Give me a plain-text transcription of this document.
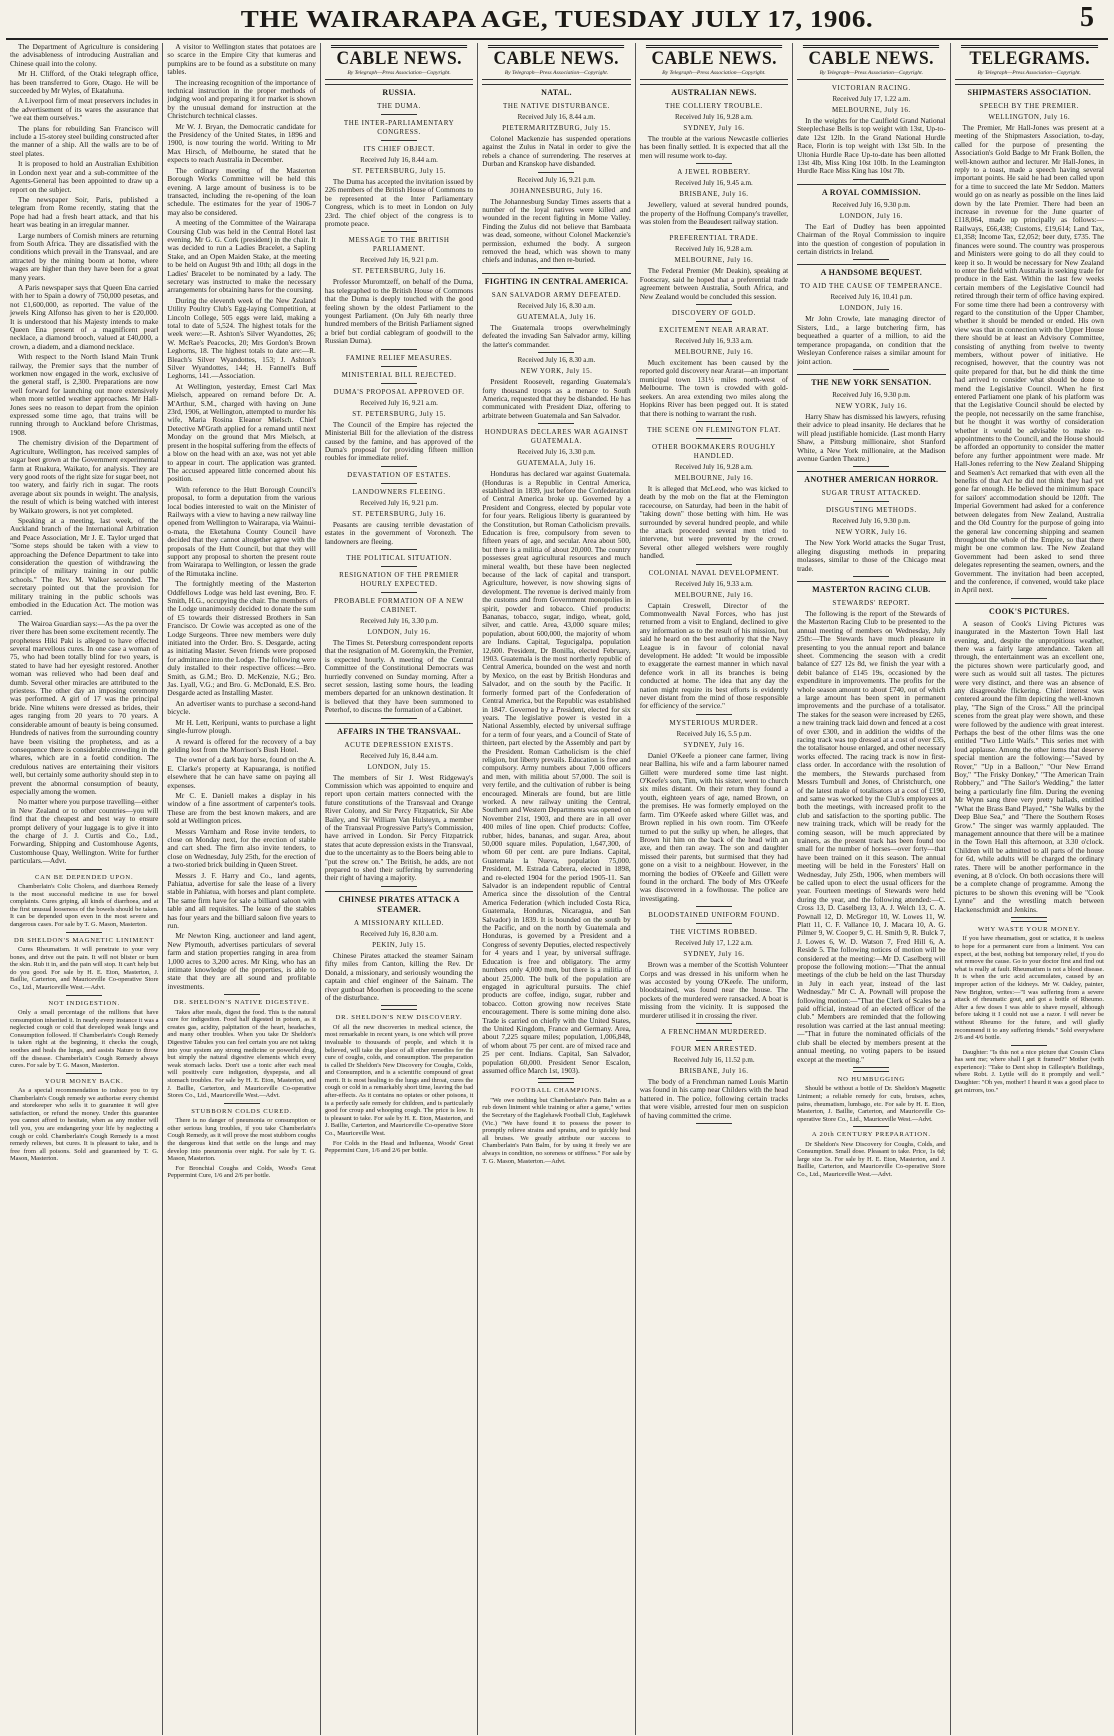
THE WAIRARAPA AGE, TUESDAY JULY 17, 1906.	5

The Department of Agriculture is considering the advisableness of introducing Australian and Chinese quail into the colony.

Mr H. Clifford, of the Otaki telegraph office, has been transferred to Gore, Otago. He will be succeeded by Mr Wyles, of Ekatahuna.

A Liverpool firm of meat preservers includes in the advertisement of its wares the assurance that "we eat them ourselves."

The plans for rebuilding San Francisco will include a 15-storey steel building constructed after the manner of a ship. All the walls are to be of steel plates.

It is proposed to hold an Australian Exhibition in London next year and a sub-committee of the Agents-General has been appointed to draw up a report on the subject.

The newspaper Soir, Paris, published a telegram from Rome recently, stating that the Pope had had a fresh heart attack, and that his heart was beating in an irregular manner.

Large numbers of Cornish miners are returning from South Africa. They are dissatisfied with the conditions which prevail in the Transvaal, and are attracted by the mining boom at home, where wages are higher than they have been for a great many years.

A Paris newspaper says that Queen Ena carried with her to Spain a dowry of 750,000 pesetas, and not £1,600,000, as reported. The value of the jewels King Alfonso has given to her is £20,000. It is understood that his Majesty intends to make Queen Ena present of a magnificent pearl necklace, a diamond brooch, valued at £40,000, a crown, a diadem, and a diamond necklace.

With respect to the North Island Main Trunk railway, the Premier says that the number of workmen now engaged in the work, exclusive of the general staff, is 2,300. Preparations are now well forward for launching out more extensively when more settled weather approaches. Mr Hall-Jones sees no reason to depart from the opinion expressed some time ago, that trains will be running through to Auckland before Christmas, 1908.

The chemistry division of the Department of Agriculture, Wellington, has received samples of sugar beet grown at the Government experimental farm at Ruakura, Waikato, for analysis. They are very good roots of the right size for sugar beet, not too watery, and fairly rich in sugar. The roots average about six pounds in weight. The analysis, the result of which is being watched with interest by Waikato growers, is not yet completed.

Speaking at a meeting, last week, of the Auckland branch of the International Arbitration and Peace Association, Mr J. E. Taylor urged that "Some steps should be taken with a view to approaching the Defence Department to take into consideration the question of withdrawing the principle of military training in our public schools." The Rev. M. Walker seconded. The secretary pointed out that the provision for military training in the public schools was embodied in the Education Act. The motion was carried.

The Wairoa Guardian says:—As the pa over the river there has been some excitement recently. The prophetess Hiki Paki is alleged to have effected several marvellous cures. In one case a woman of 75, who had been totally blind for two years, is stated to have had her eyesight restored. Another woman was relieved who had been deaf and dumb. Several other miracles are attributed to the priestess. The other day an imposing ceremony was performed. A girl of 17 was the principal bride. Nine whitens were dressed as brides, their ages ranging from 20 years to 70 years. A considerable amount of beauty is being consumed. Hundreds of natives from the surrounding country have been visiting the prophetess, and as a consequence there is considerable crowding in the whares, which are in a foetid condition. The credulous natives are entertaining their visitors well, but certainly some authority should step in to prevent the abnormal consumption of beauty, especially among the women.

No matter where you purpose travelling—either in New Zealand or to other countries—you will find that the cheapest and best way to ensure prompt delivery of your luggage is to give it into the charge of J. J. Curtis and Co., Ltd., Forwarding, Shipping and Customhouse Agents, Customhouse Quay, Wellington. Write for further particulars.—Advt.

CAN BE DEPENDED UPON.

Chamberlain's Colic Cholera, and diarrhoea Remedy is the most successful medicine in use for bowel complaints. Cures griping, all kinds of diarrhoea, and at the first unusual looseness of the bowels should be taken. It can be depended upon even in the most severe and dangerous cases. For sale by T. G. Mason, Masterton.

DR SHELDON'S MAGNETIC LINIMENT

Cures Rheumatism. It will penetrate to your very bones, and drive out the pain. It will not blister or burn the skin. Rub it in, and the pain will stop. It can't help but do you good. For sale by H. E. Eton, Masterton, J. Baillie, Carterton, and Mauriceville Co-operative Store Co., Ltd., Mauriceville West.—Advt.

NOT INDIGESTION.

Only a small percentage of the millions that have consumption inherited it. In nearly every instance it was a neglected cough or cold that developed weak lungs and Consumption followed. If Chamberlain's Cough Remedy is taken right at the beginning, it checks the cough, soothes and heals the lungs, and assists Nature to throw off the disease. Chamberlain's Cough Remedy always cures. For sale by T. G. Mason, Masterton.

YOUR MONEY BACK.

As a special recommendation to induce you to try Chamberlain's Cough remedy we authorise every chemist and storekeeper who sells it to guarantee it will give satisfaction, or refund the money. Under this guarantee you cannot afford to hesitate, when as any mother will tell you, you are endangering your life by neglecting a cough or cold. Chamberlain's Cough Remedy is a most remedy relieves, but cures. It is pleasant to take, and is free from all poisons. Sold and guaranteed by T. G. Mason, Masterton.

A visitor to Wellington states that potatoes are so scarce in the Empire City that kumeras and pumpkins are to be found as a substitute on many tables.

The increasing recognition of the importance of technical instruction in the proper methods of judging wool and preparing it for market is shown by the unusual demand for instruction at the Christchurch technical classes.

Mr W. J. Bryan, the Democratic candidate for the Presidency of the United States, in 1896 and 1900, is now touring the world. Writing to Mr Max Hirsch, of Melbourne, he stated that he expects to reach Australia in December.

The ordinary meeting of the Masterton Borough Works Committee will be held this evening. A large amount of business is to be transacted, including the re-opening of the loan schedule. The estimates for the year of 1906-7 may also be considered.

A meeting of the Committee of the Wairarapa Coursing Club was held in the Central Hotel last evening. Mr G. G. Cork (president) in the chair. It was decided to run a Ladies Bracelet, a Sapling Stake, and an Open Maiden Stake, at the meeting to be held on August 9th and 10th; all dogs in the Ladies' Bracelet to be nominated by a lady. The secretary was instructed to make the necessary arrangements for obtaining hares for the coursing.

During the eleventh week of the New Zealand Utility Poultry Club's Egg-laying Competition, at Lincoln College, 505 eggs were laid, making a total to date of 5,524. The highest totals for the week were:—R. Ashton's Silver Wyandottes, 26; W. McRae's Peacocks, 20; Mrs Gordon's Brown Leghorns, 18. The highest totals to date are:—R. Bleach's Silver Wyandottes, 153; J. Ashton's Silver Wyandottes, 144; H. Fannell's Buff Leghorns, 141.—Association.

At Wellington, yesterday, Ernest Carl Max Mielsch, appeared on remand before Dr. A. M'Arthur, S.M., charged with having on June 23rd, 1906, at Wellington, attempted to murder his wife, Maria Rosina Eleanor Mielsch. Chief Detective M'Grath applied for a remand until next Monday on the ground that Mrs Mielsch, at present in the hospital suffering from the effects of a blow on the head with an axe, was not yet able to appear in court. The application was granted. The accused appeared little concerned about his position.

With reference to the Hutt Borough Council's proposal, to form a deputation from the various local bodies interested to wait on the Minister of Railways with a view to having a new railway line opened from Wellington to Wairarapa, via Wainui-o-mata, the Eketahuna County Council have decided that they cannot altogether agree with the proposals of the Hutt Council, but that they will support any proposal to shorten the present route from Wairarapa to Wellington, or lessen the grade of the Rimutaka incline.

The fortnightly meeting of the Masterton Oddfellows Lodge was held last evening, Bro. F. Smith, H.G., occupying the chair. The members of the Lodge unanimously decided to donate the sum of £5 towards their distressed Brothers in San Francisco. Dr Cowie was accepted as one of the Lodge Surgeons. Three new members were duly initiated into the Order. Bro. S. Desgarde, acting as initiating Master. Seven friends were proposed for admittance into the Lodge. The following were duly installed to their respective offices:—Bro. Smith, as G.M.; Bro. D. McKenzie, N.G.; Bro. Jas. Lyall, V.G.; and Bro. G. McDonald, E.S. Bro. Desgarde acted as Installing Master.

An advertiser wants to purchase a second-hand bicycle.

Mr H. Lett, Keripuni, wants to purchase a light single-furrow plough.

A reward is offered for the recovery of a bay gelding lost from the Morrison's Bush Hotel.

The owner of a dark bay horse, found on the A. E. Clarke's property at Kapuaranga, is notified elsewhere that he can have same on paying all expenses.

Mr C. E. Daniell makes a display in his window of a fine assortment of carpenter's tools. These are from the best known makers, and are sold at Wellington prices.

Messrs Varnham and Rose invite tenders, to close on Monday next, for the erection of stable and cart shed. The firm also invite tenders, to close on Wednesday, July 25th, for the erection of a two-storied brick building in Queen Street.

Messrs J. F. Harry and Co., land agents, Pahiatua, advertise for sale the lease of a livery stable in Pahiatua, with horses and plant complete. The same firm have for sale a billiard saloon with table and all requisites. The lease of the stables has four years and the billiard saloon five years to run.

Mr Newton King, auctioneer and land agent, New Plymouth, advertises particulars of several farm and station properties ranging in area from 1,000 acres to 3,200 acres. Mr King, who has an intimate knowledge of the properties, is able to state that they are all sound and profitable investments.

DR. SHELDON'S NATIVE DIGESTIVE.

Takes after meals, digest the food. This is the natural cure for indigestion. Food half digested in poison, as it creates gas, acidity, palpitation of the heart, headaches, and many other troubles. When you take Dr Sheldon's Digestive Tabules you can feel certain you are not taking into your system any strong medicine or powerful drug, but simply the natural digestive elements which every weak stomach lacks. Don't use a tonic after each meal will positively cure indigestion, dyspepsia, and all stomach troubles. For sale by H. E. Eton, Masterton, and J. Baillie, Carterton, and Mauriceville Co-operative Stores Co., Ltd., Mauriceville West.—Advt.

STUBBORN COLDS CURED.

There is no danger of pneumonia or consumption or other serious lung troubles, if you take Chamberlain's Cough Remedy, as it will prove the most stubborn coughs the dangerous kind that settle on the lungs and may develop into pneumonia over night. For sale by T. G. Mason, Masterton.

For Bronchial Coughs and Colds, Wood's Great Peppermint Cure, 1/6 and 2/6 per bottle.

CABLE NEWS.
By Telegraph—Press Association—Copyright.
RUSSIA.
THE DUMA.
THE INTER-PARLIAMENTARY CONGRESS.
ITS CHIEF OBJECT.
Received July 16, 8.44 a.m.
ST. PETERSBURG, July 15.

The Duma has accepted the invitation issued by 226 members of the British House of Commons to be represented at the Inter Parliamentary Congress, which is to meet in London on July 23rd. The chief object of the congress is to promote peace.

MESSAGE TO THE BRITISH PARLIAMENT.
Received July 16, 9.21 p.m.
ST. PETERSBURG, July 16.

Professor Muromtzeff, on behalf of the Duma, has telegraphed to the British House of Commons that the Duma is deeply touched with the good feeling shown by the oldest Parliament to the youngest Parliament. (On July 6th nearly three hundred members of the British Parliament signed a brief but cordial cablegram of goodwill to the Russian Duma).

FAMINE RELIEF MEASURES.
MINISTERIAL BILL REJECTED.
DUMA'S PROPOSAL APPROVED OF.
Received July 16, 9.21 a.m.
ST. PETERSBURG, July 15.

The Council of the Empire has rejected the Ministerial Bill for the alleviation of the distress caused by the famine, and has approved of the Duma's proposal for providing fifteen million roubles for immediate relief.

DEVASTATION OF ESTATES.
LANDOWNERS FLEEING.
Received July 16, 9.21 p.m.
ST. PETERSBURG, July 16.

Peasants are causing terrible devastation of estates in the government of Voronezh. The landowners are fleeing.

THE POLITICAL SITUATION.
RESIGNATION OF THE PREMIER HOURLY EXPECTED.
PROBABLE FORMATION OF A NEW CABINET.
Received July 16, 3.30 p.m.
LONDON, July 16.

The Times St. Petersburg correspondent reports that the resignation of M. Goremykin, the Premier, is expected hourly. A meeting of the Central Committee of the Constitutional Democrats was hurriedly convened on Sunday morning. After a secret session, lasting some hours, the leading members departed for an unknown destination. It is believed that they have been summoned to Peterhof, to discuss the formation of a Cabinet.

AFFAIRS IN THE TRANSVAAL.
ACUTE DEPRESSION EXISTS.
Received July 16, 8.44 a.m.
LONDON, July 15.

The members of Sir J. West Ridgeway's Commission which was appointed to enquire and report upon certain matters connected with the future constitutions of the Transvaal and Orange River Colony, and Sir Percy Fitzpatrick, Sir Abe Bailey, and Sir William Van Hulsteyn, a member of the Transvaal Progressive Party's Commission, have arrived in London. Sir Percy Fitzpatrick states that acute depression exists in the Transvaal, due to the uncertainty as to the Boers being able to "put the screw on." The British, he adds, are not prepared to shed their suffering by surrendering their right of having a majority.

CHINESE PIRATES ATTACK A STEAMER.
A MISSIONARY KILLED.
Received July 16, 8.30 a.m.
PEKIN, July 15.

Chinese Pirates attacked the steamer Sainam fifty miles from Canton, killing the Rev. Dr Donald, a missionary, and seriously wounding the captain and chief engineer of the Sainam. The river gunboat Moorhen is proceeding to the scene of the disturbance.

DR. SHELDON'S NEW DISCOVERY.

Of all the new discoveries in medical science, the most remarkable in recent years, is one which will prove invaluable to thousands of people, and which it is believed, will take the place of all other remedies for the cure of coughs, colds, and consumption. The preparation is called Dr Sheldon's New Discovery for Coughs, Colds, and Consumption, and is a scientific compound of great merit. It is most healing to the lungs and throat, cures the cough or cold in a remarkably short time, leaving the bad after-effects. As it contains no opiates or other poisons, it is a perfectly safe remedy for children, and is particularly good for croup and whooping cough. The price is low. It is pleasant to take. For sale by H. E. Eton, Masterton, and J. Baillie, Carterton, and Mauriceville Co-operative Store Co., Mauriceville West.

For Colds in the Head and Influenza, Woods' Great Peppermint Cure, 1/6 and 2/6 per bottle.

CABLE NEWS.
By Telegraph—Press Association—Copyright.
NATAL.
THE NATIVE DISTURBANCE.
Received July 16, 8.44 a.m.
PIETERMARITZBURG, July 15.

Colonel Mackenzie has suspended operations against the Zulus in Natal in order to give the rebels a chance of surrendering. The reserves at Durban and Kranskop have disbanded.

Received July 16, 9.21 p.m.
JOHANNESBURG, July 16.

The Johannesburg Sunday Times asserts that a number of the loyal natives were killed and wounded in the recent fighting in Mome Valley. Finding the Zulus did not believe that Bambaata was dead, someone, without Colonel Mackenzie's permission, exhumed the body. A surgeon removed the head, which was shown to many chiefs and indunas, and then re-buried.

FIGHTING IN CENTRAL AMERICA.
SAN SALVADOR ARMY DEFEATED.
Received July 16, 8.30 a.m.
GUATEMALA, July 16.

The Guatemala troops overwhelmingly defeated the invading San Salvador army, killing the latter's commander.

Received July 16, 8.30 a.m.
NEW YORK, July 15.

President Roosevelt, regarding Guatemala's forty thousand troops as a menace to South America, requested that they be disbanded. He has communicated with President Diaz, offering to arbitrate between Guatemala and San Salvador.

HONDURAS DECLARES WAR AGAINST GUATEMALA.
Received July 16, 3.30 p.m.
GUATEMALA, July 16.

Honduras has declared war against Guatemala. (Honduras is a Republic in Central America, established in 1839, just before the Confederation of Central America broke up. Governed by a President and Congress, elected by popular vote for four years. Religious liberty is guaranteed by the Constitution, but Roman Catholicism prevails. Education is free, compulsory from seven to fifteen years of age, and secular. Area about 500, but there is a militia of about 20,000. The country possesses great agricultural resources and much mineral wealth, but these have been neglected because of the lack of capital and transport. Agriculture, however, is now showing signs of development. The revenue is derived mainly from the customs and from Government monopolies in spirit, powder and tobacco. Chief products: Bananas, tobacco, sugar, indigo, wheat, gold, silver, and cattle. Area, 43,000 square miles; population, about 600,000, the majority of whom are Indians. Capital, Tegucigalpa, population 12,600. President, Dr Bonilla, elected February, 1903. Guatemala is the most northerly republic of Central America, bounded on the west and north by Mexico, on the east by British Honduras and Salvador, and on the south by the Pacific. It formerly formed part of the Confederation of Central America, but the Republic was established in 1847. Governed by a President, elected for six years. The legislative power is vested in a National Assembly, elected by universal suffrage for a term of four years, and a Council of State of thirteen, part elected by the Assembly and part by the President. Roman Catholicism is the chief religion, but liberty prevails. Education is free and compulsory. Army numbers about 7,000 officers and men, with militia about 57,000. The soil is very fertile, and the cultivation of rubber is being encouraged. Minerals are found, but are little worked. A new railway uniting the Central, Southern and Western Departments was opened on November 21st, 1903, and there are in all over 400 miles of line open. Chief products: Coffee, rubber, hides, bananas, and sugar. Area, about 50,000 square miles. Population, 1,647,300, of whom 60 per cent. are pure Indians. Capital, Guatemala la Nueva, population 75,000. President, M. Estrada Cabrera, elected in 1898, and re-elected 1904 for the period 1905-11. San Salvador is an independent republic of Central America since the dissolution of the Central America Federation (which included Costa Rica, Guatemala, Honduras, Nicaragua, and San Salvador) in 1839. It is bounded on the south by the Pacific, and on the north by Guatemala and Honduras, is governed by a President and a Congress of seventy Deputies, elected respectively for 4 years and 1 year, by universal suffrage. Education is free and obligatory. The army numbers only 4,000 men, but there is a militia of about 25,000. The bulk of the population are engaged in agricultural pursuits. The chief products are coffee, indigo, sugar, rubber and tobacco. Cotton growing now receives State encouragement. There is some mining done also. Trade is carried on chiefly with the United States, the United Kingdom, France and Germany. Area, about 7,225 square miles; population, 1,006,848, of whom about 75 per cent. are of mixed race and 25 per cent. Indians. Capital, San Salvador, population 60,000. President Senor Escalon, assumed office March 1st, 1903).

FOOTBALL CHAMPIONS.

"We owe nothing but Chamberlain's Pain Balm as a rub down liniment while training or after a game," writes the Secretary of the Eaglehawk Football Club, Eaglehawk (Vic.) "We have found it to possess the power to promptly relieve strains and sprains, and to quickly heal all bruises. We greatly attribute our success to Chamberlain's Pain Balm, for by using it freely we are always in condition, no soreness or stiffness." For sale by T. G. Mason, Masterton.—Advt.

CABLE NEWS.
By Telegraph—Press Association—Copyright.
AUSTRALIAN NEWS.
THE COLLIERY TROUBLE.
Received July 16, 9.28 a.m.
SYDNEY, July 16.

The trouble at the various Newcastle collieries has been finally settled. It is expected that all the men will resume work to-day.

A JEWEL ROBBERY.
Received July 16, 9.45 a.m.
BRISBANE, July 16.

Jewellery, valued at several hundred pounds, the property of the Hoffnung Company's traveller, was stolen from the Beaudesert railway station.

PREFERENTIAL TRADE.
Received July 16, 9.28 a.m.
MELBOURNE, July 16.

The Federal Premier (Mr Deakin), speaking at Footscray, said he hoped that a preferential trade agreement between Australia, South Africa, and New Zealand would be concluded this session.

DISCOVERY OF GOLD.
EXCITEMENT NEAR ARARAT.
Received July 16, 9.33 a.m.
MELBOURNE, July 16.

Much excitement has been caused by the reported gold discovery near Ararat—an important municipal town 131½ miles north-west of Melbourne. The town is crowded with gold-seekers. An area extending two miles along the Hopkins River has been pegged out. It is stated that there is nothing to warrant the rush.

THE SCENE ON FLEMINGTON FLAT.
OTHER BOOKMAKERS ROUGHLY HANDLED.
Received July 16, 9.28 a.m.
MELBOURNE, July 16.

It is alleged that McLeod, who was kicked to death by the mob on the flat at the Flemington racecourse, on Saturday, had been in the habit of "taking down" those betting with him. He was surrounded by several hundred people, and while the attack proceeded several men tried to intervene, but were prevented by the crowd. Several other alleged welshers were roughly handled.

COLONIAL NAVAL DEVELOPMENT.
Received July 16, 9.33 a.m.
MELBOURNE, July 16.

Captain Creswell, Director of the Commonwealth Naval Forces, who has just returned from a visit to England, declined to give any information as to the result of his mission, but said he heard on the best authority that the Navy League is in favour of colonial naval development. He added: "It would be impossible to exaggerate the earnest manner in which naval defence work in all its branches is being conducted at home. The idea that any day the nation might require its best efforts is evidently never distant from the mind of those responsible for efficiency of the service."

MYSTERIOUS MURDER.
Received July 16, 5.5 p.m.
SYDNEY, July 16.

Daniel O'Keefe a pioneer cane farmer, living near Ballina, his wife and a farm labourer named Gillett were murdered some time last night. O'Keefe's son, Tim, with his sister, went to church six miles distant. On their return they found a youth, eighteen years of age, named Brown, on the premises. He was formerly employed on the farm. Tim O'Keefe asked where Gillet was, and Brown replied in his own room. Tim O'Keefe turned to put the sulky up when, he alleges, that Brown hit him on the back of the head with an axe, and then ran away. The son and daughter missed their parents, but surmised that they had gone on a visit to a neighbour. However, in the morning the bodies of O'Keefe and Gillett were found in the orchard. The body of Mrs O'Keefe was discovered in a fowlhouse. The police are investigating.

BLOODSTAINED UNIFORM FOUND.
THE VICTIMS ROBBED.
Received July 17, 1.22 a.m.
SYDNEY, July 16.

Brown was a member of the Scottish Volunteer Corps and was dressed in his uniform when he was accosted by young O'Keefe. The uniform, bloodstained, was found near the house. The pockets of the murdered were ransacked. A boat is missing from the vicinity. It is supposed the murderer utilised it in crossing the river.

A FRENCHMAN MURDERED.
FOUR MEN ARRESTED.
Received July 16, 11.52 p.m.
BRISBANE, July 16.

The body of a Frenchman named Louis Martin was found in his camp near Childers with the head battered in. The police, following certain tracks that were visible, arrested four men on suspicion of having committed the crime.

CABLE NEWS.
By Telegraph—Press Association—Copyright.
VICTORIAN RACING.
Received July 17, 1.22 a.m.
MELBOURNE, July 16.

In the weights for the Caulfield Grand National Steeplechase Bells is top weight with 13st, Up-to-date 12st 12lb. In the Grand National Hurdle Race, Florin is top weight with 13st 5lb. In the Ultonia Hurdle Race Up-to-date has been allotted 13st 4lb, Miss King 10st 10lb. In the Leamington Hurdle Race Miss King has 10st 7lb.

A ROYAL COMMISSION.
Received July 16, 9.30 p.m.
LONDON, July 16.

The Earl of Dudley has been appointed Chairman of the Royal Commission to inquire into the question of congestion of population in certain districts in Ireland.

A HANDSOME BEQUEST.
TO AID THE CAUSE OF TEMPERANCE.
Received July 16, 10.41 p.m.
LONDON, July 16.

Mr John Crowle, late managing director of Sisters, Ltd., a large butchering firm, has bequeathed a quarter of a million, to aid the temperance propaganda, on condition that the Wesleyan Conference raises a similar amount for joint action.

THE NEW YORK SENSATION.
Received July 16, 9.30 p.m.
NEW YORK, July 16.

Harry Shaw has dismissed his lawyers, refusing their advice to plead insanity. He declares that he will plead justifiable homicide. (Last month Harry Shaw, a Pittsburg millionaire, shot Stanford White, a New York millionaire, at the Madison avenue Garden Theatre.)

ANOTHER AMERICAN HORROR.
SUGAR TRUST ATTACKED.
DISGUSTING METHODS.
Received July 16, 9.30 p.m.
NEW YORK, July 16.

The New York World attacks the Sugar Trust, alleging disgusting methods in preparing molasses, similar to those of the Chicago meat trade.

MASTERTON RACING CLUB.
STEWARDS' REPORT.

The following is the report of the Stewards of the Masterton Racing Club to be presented to the annual meeting of members on Wednesday, July 25th:—The Stewards have much pleasure in presenting to you the annual report and balance sheet. Commencing the season with a credit balance of £27 12s 8d, we finish the year with a debit balance of £145 19s, occasioned by the expenditure in improvements. The profits for the whole season amount to about £740, out of which a large amount has been spent in permanent improvements and the purchase of a totalisator. The stakes for the season were increased by £265, a new training track laid down and fenced at a cost of over £300, and in addition the widths of the racing track was top dressed at a cost of over £35, the totalisator house enlarged, and other necessary works effected. The racing track is now in first-class order. In accordance with the resolution of the members, the Stewards purchased from Messrs Turnbull and Jones, of Christchurch, one of the latest make of totalisators at a cost of £190, and same was worked by the Club's employees at both the meetings, with increased profit to the club and satisfaction to the sporting public. The new training track, which will be ready for the coming season, will be much appreciated by trainers, as the present track has been found too small for the number of horses—over forty—that have been trained on it this season. The annual meeting will be held in the Foresters' Hall on Wednesday, July 25th, 1906, when members will be called upon to elect the usual officers for the year. Fourteen meetings of Stewards were held during the year, and the following attended:—C. Cross 13, D. Caselberg 13, A. J. Welch 13, C. A. Pownall 12, D. McGregor 10, W. Lowes 11, W. Platt 11, C. F. Vallance 10, J. Macara 10, A. G. Pilmer 9, W. Cooper 9, C. H. Smith 9, R. Bulck 7, J. Lowes 6, W. D. Watson 7, Fred Hill 6, A. Reside 5. The following notices of motion will be considered at the meeting:—Mr D. Caselberg will propose the following motion:—"That the annual meetings of the club be held on the last Thursday in July in each year, instead of the last Wednesday." Mr C. A. Pownall will propose the following motion:—"That the Clerk of Scales be a paid official, instead of an elected officer of the club." Members are reminded that the following resolution was carried at the last annual meeting:—"That in future the nominated officials of the club shall be elected by members present at the annual meeting, no voting papers to be issued except at the meeting."

NO HUMBUGGING

Should be without a bottle of Dr. Sheldon's Magnetic Liniment; a reliable remedy for cuts, bruises, aches, pains, rheumatism, lumbago, etc. For sale by H. E. Eton, Masterton, J. Baillie, Carterton, and Mauriceville Co-operative Store Co., Ltd., Mauriceville West.—Advt.

A 20th CENTURY PREPARATION.

Dr Sheldon's New Discovery for Coughs, Colds, and Consumption. Small dose. Pleasant to take. Price, 1s 6d; large size 3s. For sale by H. E. Eton, Masterton, and J. Baillie, Carterton, and Mauriceville Co-operative Store Co., Ltd., Mauriceville West.—Advt.

TELEGRAMS.
By Telegraph—Press Association—Copyright.
SHIPMASTERS ASSOCIATION.
SPEECH BY THE PREMIER.
WELLINGTON, July 16.

The Premier, Mr Hall-Jones was present at a meeting of the Shipmasters Association, to-day, called for the purpose of presenting the Association's Gold Badge to Mr Frank Bollen, the well-known author and lecturer. Mr Hall-Jones, in reply to a toast, made a speech having several important points. He said he had been called upon for a time to succeed the late Mr Seddon. Matters would go on as nearly as possible on the lines laid down by the late Premier. There had been an increase in revenue for the June quarter of £118,064, made up principally as follows:—Railways, £66,438; Customs, £19,614; Land Tax, £1,358; Income Tax, £2,052; beer duty, £735. The finances were sound. The country was prosperous and Ministers were going to do all they could to keep it so. It would be necessary for New Zealand to enter the field with Australia in seeking trade for produce in the East. Within the last few weeks certain members of the Legislative Council had retired through their term of office having expired. For some time there had been a controversy with regard to the constitution of the Upper Chamber, whether it should be mended or ended. His own view was that in connection with the Upper House there should be at least an Advisory Committee, consisting of anything from twelve to twenty members, without power of initiative. He recognised, however, that the country was not quite prepared for that, but he did think the time had arrived to consider what should be done to mend the Legislative Council. When he first entered Parliament one plank of his platform was that the Legislative Council should be elected by the people, not necessarily on the same franchise, but he thought it was worthy of consideration whether it would be advisable to make re-appointments to the Council, and the House should be afforded an opportunity to consider the matter before any further appointment were made. Mr Hall-Jones referring to the New Zealand Shipping and Seamen's Act remarked that with even all the benefits of that Act he did not think they had yet gone far enough. He believed the minimum space for sailors' accommodation should be 120ft. The Imperial Government had asked for a conference between delegates from New Zealand, Australia and the Old Country for the purpose of going into the general law concerning shipping and seamen throughout the whole of the Empire, so that there might be one common law. The New Zealand Government had been asked to send three delegates representing the seamen, owners, and the Government. The invitation had been accepted, and the conference, if convened, would take place in April next.

COOK'S PICTURES.

A season of Cook's Living Pictures was inaugurated in the Masterton Town Hall last evening, and, despite the unpropitious weather, there was a fairly large attendance. Taken all through, the entertainment was an excellent one, the pictures shown were particularly good, and were such as would suit all tastes. The pictures were very distinct, and there was an absence of any disagreeable flickering. Chief interest was centered around the film depicting the well-known play, "The Sign of the Cross." All the principal scenes from the great play were shown, and these were followed by the audience with great interest. Perhaps the best of the other films was the one entitled "Two Little Waifs." This series met with loud applause. Among the other items that deserve special mention are the following:—"Saved by Rover," "Up in a Balloon," "Our New Errand Boy," "The Frisky Donkey," "The American Train Robbery," and "The Sailor's Wedding," the latter being a particularly fine film. During the evening Mr Wynn sang three very pretty ballads, entitled "What the Brass Band Played," "She Walks by the Deep Blue Sea," and "There the Southern Roses Grow." The singer was warmly applauded. The management announce that there will be a matinee in the Town Hall this afternoon, at 3.30 o'clock. Children will be admitted to all parts of the house for 6d, while adults will be charged the ordinary rates. There will be another performance in the evening, at 8 o'clock. On both occasions there will be a complete change of programme. Among the pictures to be shown this evening will be "Cook Lynne" and the wrestling match between Hackenschmidt and Jenkins.

WHY WASTE YOUR MONEY.

If you have rheumatism, gout or sciatica, it is useless to hope for a permanent cure from a liniment. You can expect, at the best, nothing but temporary relief, if you do not remove the cause. Go to your doctor first and find out what is really at fault. Rheumatism is not a blood disease. It is when the uric acid accumulates, caused by an improper action of the kidneys. Mr W. Oakley, painter, New Brighton, writes:—"I was suffering from a severe attack of rheumatic gout, and got a bottle of Rheumo. After a few doses I was able to shave myself, although before taking it I could not use a razor. I will never be without Rheumo for the future, and will gladly recommend it to any suffering friends." Sold everywhere 2/6 and 4/6 bottle.

Daughter: "Is this not a nice picture that Cousin Clara has sent me; where shall I get it framed?" Mother (with experience): "Take to Dent shop in Gillespie's Buildings, where Robt. J. Lyttle will do it promptly and well." Daughter: "Oh yes, mother! I heard it was a good place to get mirrors, too."
